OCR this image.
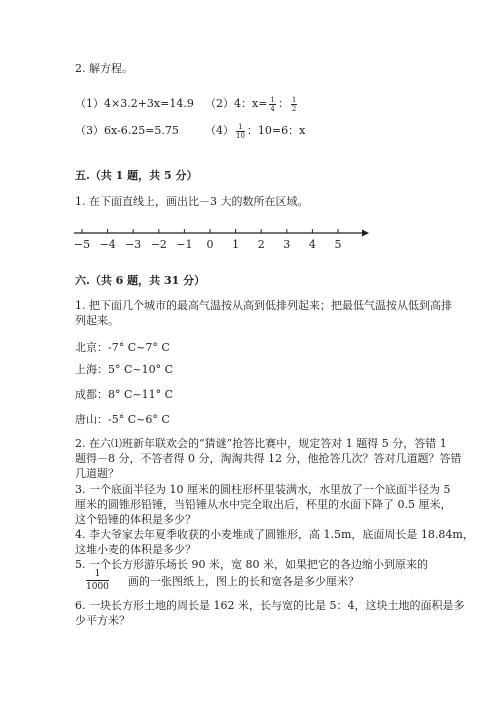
2. 解方程。
（1）4×3.2+3x=14.9 （2）4：$x= \frac{1}{4}$ ： $\frac{1}{2}$
（3）6x-6.25=5.75 $(4) \frac{1}{10}$ ：10=6：x
五.（共 1 题，共 5 分）
1. 在下面直线上，画出比－3 大的数所在区域。
−5 −4 −3 −2 −1 0 1 2 3 4 5
六.（共 6 题，共 31 分）
1. 把下面几个城市的最高气温按从高到低排列起来；把最低气温按从低到高排
列起来。
北京：-7° C~7° C
上海：5° C~10° C
成都：8° C~11° C
唐山：-5° C~6° C
2. 在六⑴班新年联欢会的“猜谜”抢答比赛中，规定答对 1 题得 5 分，答错 1
题得－8 分，不答者得 0 分，淘淘共得 12 分，他抢答几次？答对几道题？答错
几道题？
3. 一个底面半径为 10 厘米的圆柱形杯里装满水，水里放了一个底面半径为 5
厘米的圆锥形铅锤，当铅锤从水中完全取出后，杯里的水面下降了 0.5 厘米，
这个铅锤的体积是多少？
4. 李大爷家去年夏季收获的小麦堆成了圆锥形，高 1.5m，底面周长是 18.84m，
这堆小麦的体积是多少？
5. 一个长方形游乐场长 90 米，宽 80 米，如果把它的各边缩小到原来的
$\frac{1}{1000}$ 画的一张图纸上，图上的长和宽各是多少厘米？
6. 一块长方形土地的周长是 162 米，长与宽的比是 5：4，这块土地的面积是多
少平方米？
